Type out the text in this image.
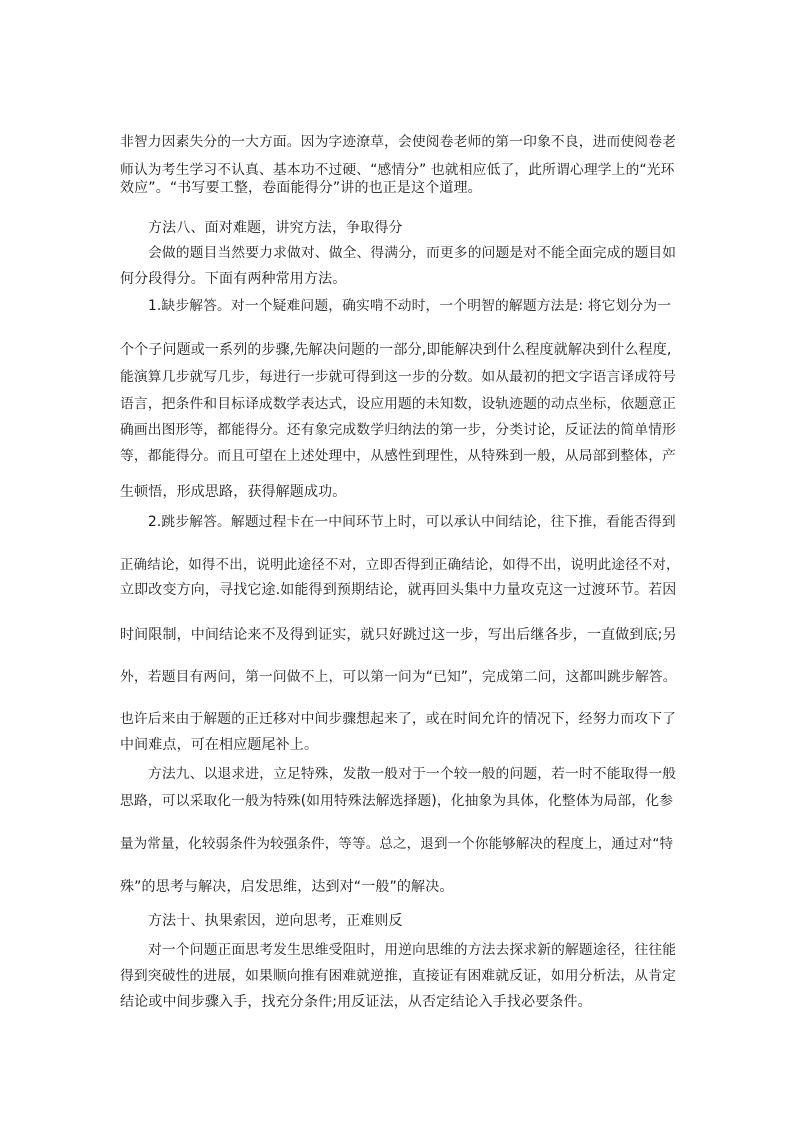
非智力因素失分的一大方面。因为字迹潦草，会使阅卷老师的第一印象不良，进而使阅卷老
师认为考生学习不认真、基本功不过硬、“感情分” 也就相应低了，此所谓心理学上的“光环
效应”。“书写要工整，卷面能得分”讲的也正是这个道理。
方法八、面对难题，讲究方法，争取得分
会做的题目当然要力求做对、做全、得满分，而更多的问题是对不能全面完成的题目如
何分段得分。下面有两种常用方法。
1.缺步解答。对一个疑难问题，确实啃不动时，一个明智的解题方法是: 将它划分为一
个个子问题或一系列的步骤,先解决问题的一部分,即能解决到什么程度就解决到什么程度,
能演算几步就写几步，每进行一步就可得到这一步的分数。如从最初的把文字语言译成符号
语言，把条件和目标译成数学表达式，设应用题的未知数，设轨迹题的动点坐标，依题意正
确画出图形等，都能得分。还有象完成数学归纳法的第一步，分类讨论，反证法的简单情形
等，都能得分。而且可望在上述处理中，从感性到理性，从特殊到一般，从局部到整体，产
生顿悟，形成思路，获得解题成功。
2.跳步解答。解题过程卡在一中间环节上时，可以承认中间结论，往下推，看能否得到
正确结论，如得不出，说明此途径不对，立即否得到正确结论，如得不出，说明此途径不对，
立即改变方向，寻找它途.如能得到预期结论，就再回头集中力量攻克这一过渡环节。若因
时间限制，中间结论来不及得到证实，就只好跳过这一步，写出后继各步，一直做到底;另
外，若题目有两问，第一问做不上，可以第一问为“已知”，完成第二问，这都叫跳步解答。
也许后来由于解题的正迁移对中间步骤想起来了，或在时间允许的情况下，经努力而攻下了
中间难点，可在相应题尾补上。
方法九、以退求进，立足特殊，发散一般对于一个较一般的问题，若一时不能取得一般
思路，可以采取化一般为特殊(如用特殊法解选择题)，化抽象为具体，化整体为局部，化参
量为常量，化较弱条件为较强条件，等等。总之，退到一个你能够解决的程度上，通过对“特
殊”的思考与解决，启发思维，达到对“一般”的解决。
方法十、执果索因，逆向思考，正难则反
对一个问题正面思考发生思维受阻时，用逆向思维的方法去探求新的解题途径，往往能
得到突破性的进展，如果顺向推有困难就逆推，直接证有困难就反证，如用分析法，从肯定
结论或中间步骤入手，找充分条件;用反证法，从否定结论入手找必要条件。
